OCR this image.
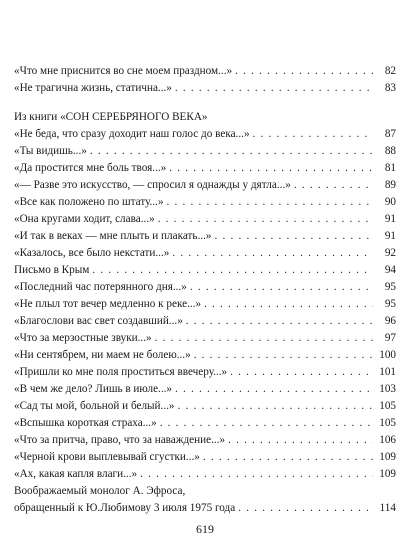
«Что мне приснится во сне моем праздном...» . . .	82
«Не трагична жизнь, статична...» . . .	83
Из книги «СОН СЕРЕБРЯНОГО ВЕКА»
«Не беда, что сразу доходит наш голос до века...» . . .	87
«Ты видишь...» . . .	88
«Да простится мне боль твоя...» . . .	81
«— Разве это искусство, — спросил я однажды у дятла...» . . .	89
«Все как положено по штату...» . . .	90
«Она кругами ходит, слава...» . . .	91
«И так в веках — мне плыть и плакать...» . . .	91
«Казалось, все было некстати...» . . .	92
Письмо в Крым . . .	94
«Последний час потерянного дня...» . . .	95
«Не плыл тот вечер медленно к реке...» . . .	95
«Благослови вас свет создавший...» . . .	96
«Что за мерзостные звуки...» . . .	97
«Ни сентябрем, ни маем не болею...» . . .	100
«Пришли ко мне поля проститься ввечеру...» . . .	101
«В чем же дело? Лишь в июле...» . . .	103
«Сад ты мой, больной и белый...» . . .	105
«Вспышка короткая страха...» . . .	105
«Что за притча, право, что за наваждение...» . . .	106
«Черной крови выплевывай сгустки...» . . .	109
«Ах, какая капля влаги...» . . .	109
Воображаемый монолог А. Эфроса,
обращенный к Ю.Любимову 3 июля 1975 года . . .	114
619
